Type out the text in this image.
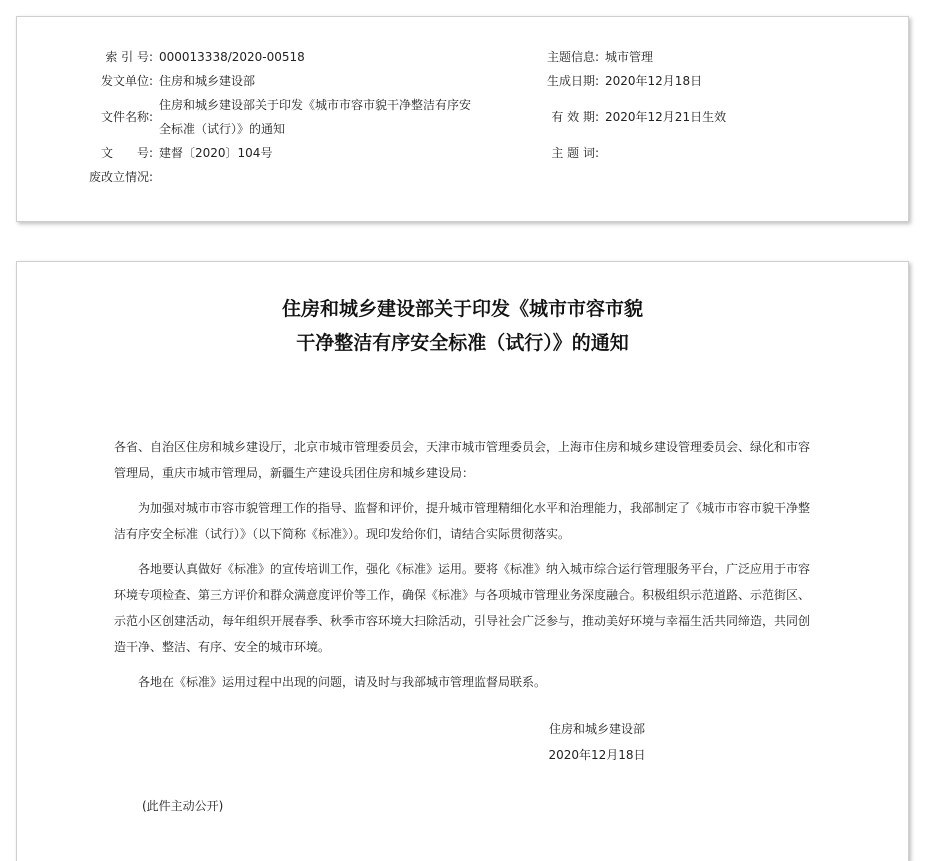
索 引 号: 000013338/2020-00518
发文单位: 住房和城乡建设部
文件名称:
住房和城乡建设部关于印发《城市市容市貌干净整洁有序安全标准（试行）》的通知
文　　号: 建督〔2020〕104号
废改立情况:
主题信息: 城市管理
生成日期: 2020年12月18日
有 效 期: 2020年12月21日生效
主 题 词:
住房和城乡建设部关于印发《城市市容市貌
干净整洁有序安全标准（试行）》的通知

各省、自治区住房和城乡建设厅，北京市城市管理委员会，天津市城市管理委员会，上海市住房和城乡建设管理委员会、绿化和市容管理局，重庆市城市管理局，新疆生产建设兵团住房和城乡建设局：

为加强对城市市容市貌管理工作的指导、监督和评价，提升城市管理精细化水平和治理能力，我部制定了《城市市容市貌干净整洁有序安全标准（试行）》（以下简称《标准》）。现印发给你们，请结合实际贯彻落实。

各地要认真做好《标准》的宣传培训工作，强化《标准》运用。要将《标准》纳入城市综合运行管理服务平台，广泛应用于市容环境专项检查、第三方评价和群众满意度评价等工作，确保《标准》与各项城市管理业务深度融合。积极组织示范道路、示范街区、示范小区创建活动，每年组织开展春季、秋季市容环境大扫除活动，引导社会广泛参与，推动美好环境与幸福生活共同缔造，共同创造干净、整洁、有序、安全的城市环境。

各地在《标准》运用过程中出现的问题，请及时与我部城市管理监督局联系。

住房和城乡建设部
2020年12月18日
(此件主动公开)
